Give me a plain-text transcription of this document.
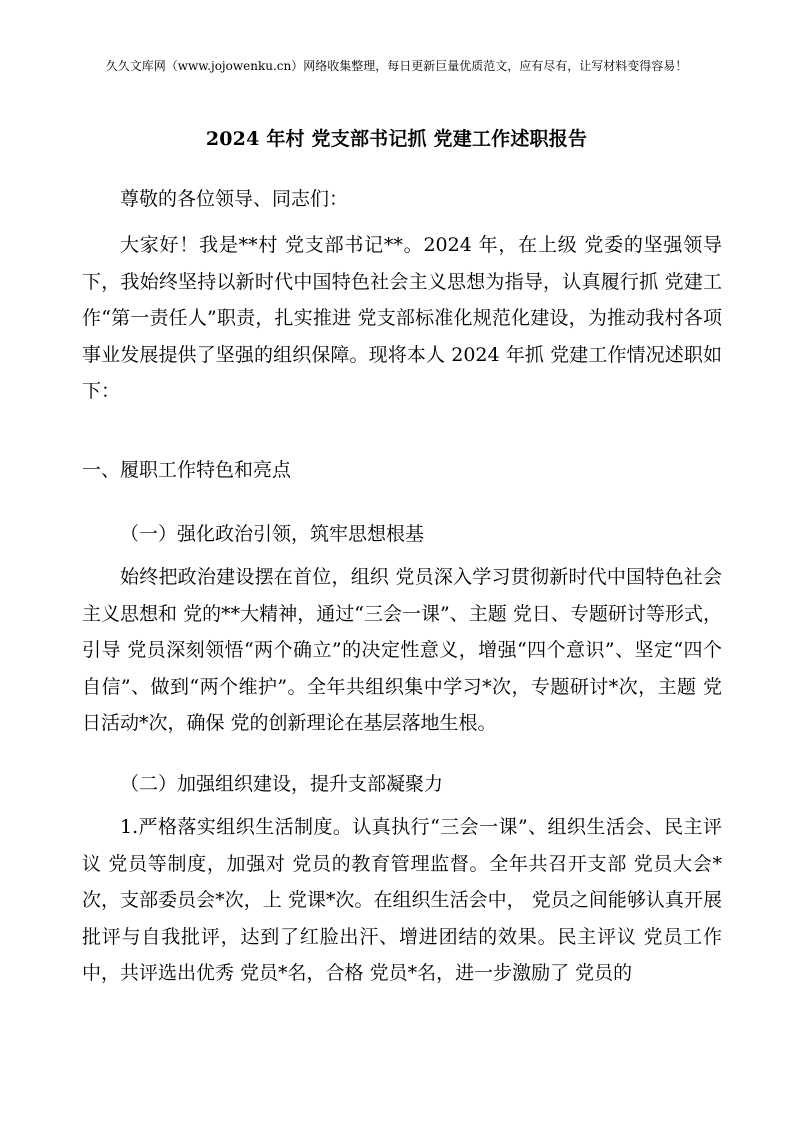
久久文库网（www.jojowenku.cn）网络收集整理，每日更新巨量优质范文，应有尽有，让写材料变得容易！
2024 年村 党支部书记抓 党建工作述职报告

尊敬的各位领导、同志们：

大家好！我是**村 党支部书记**。2024 年，在上级 党委的坚强领导下，我始终坚持以新时代中国特色社会主义思想为指导，认真履行抓 党建工作“第一责任人”职责，扎实推进 党支部标准化规范化建设，为推动我村各项事业发展提供了坚强的组织保障。现将本人 2024 年抓 党建工作情况述职如下：

一、履职工作特色和亮点

（一）强化政治引领，筑牢思想根基

始终把政治建设摆在首位，组织 党员深入学习贯彻新时代中国特色社会主义思想和 党的**大精神，通过“三会一课”、主题 党日、专题研讨等形式，引导 党员深刻领悟“两个确立”的决定性意义，增强“四个意识”、坚定“四个自信”、做到“两个维护”。全年共组织集中学习*次，专题研讨*次，主题 党日活动*次，确保 党的创新理论在基层落地生根。

（二）加强组织建设，提升支部凝聚力

1.严格落实组织生活制度。认真执行“三会一课”、组织生活会、民主评议 党员等制度，加强对 党员的教育管理监督。全年共召开支部 党员大会*次，支部委员会*次，上 党课*次。在组织生活会中， 党员之间能够认真开展批评与自我批评，达到了红脸出汗、增进团结的效果。民主评议 党员工作中，共评选出优秀 党员*名，合格 党员*名，进一步激励了 党员的
